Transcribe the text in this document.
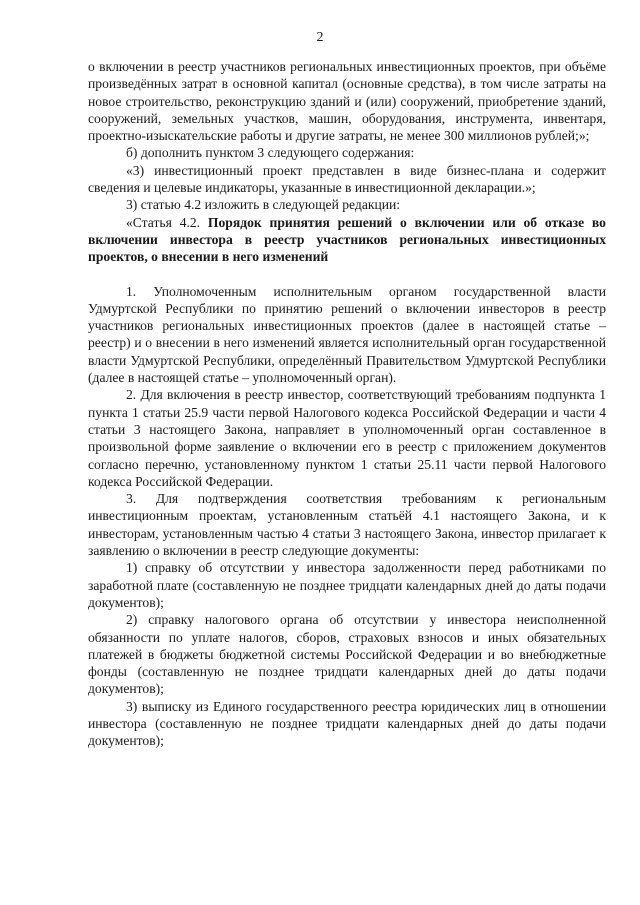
2

о включении в реестр участников региональных инвестиционных проектов, при объёме произведённых затрат в основной капитал (основные средства), в том числе затраты на новое строительство, реконструкцию зданий и (или) сооружений, приобретение зданий, сооружений, земельных участков, машин, оборудования, инструмента, инвентаря, проектно-изыскательские работы и другие затраты, не менее 300 миллионов рублей;»;

б) дополнить пунктом 3 следующего содержания:

«3) инвестиционный проект представлен в виде бизнес-плана и содержит сведения и целевые индикаторы, указанные в инвестиционной декларации.»;

3) статью 4.2 изложить в следующей редакции:

«Статья 4.2. Порядок принятия решений о включении или об отказе во включении инвестора в реестр участников региональных инвестиционных проектов, о внесении в него изменений

1. Уполномоченным исполнительным органом государственной власти Удмуртской Республики по принятию решений о включении инвесторов в реестр участников региональных инвестиционных проектов (далее в настоящей статье – реестр) и о внесении в него изменений является исполнительный орган государственной власти Удмуртской Республики, определённый Правительством Удмуртской Республики (далее в настоящей статье – уполномоченный орган).

2. Для включения в реестр инвестор, соответствующий требованиям подпункта 1 пункта 1 статьи 25.9 части первой Налогового кодекса Российской Федерации и части 4 статьи 3 настоящего Закона, направляет в уполномоченный орган составленное в произвольной форме заявление о включении его в реестр с приложением документов согласно перечню, установленному пунктом 1 статьи 25.11 части первой Налогового кодекса Российской Федерации.

3. Для подтверждения соответствия требованиям к региональным инвестиционным проектам, установленным статьёй 4.1 настоящего Закона, и к инвесторам, установленным частью 4 статьи 3 настоящего Закона, инвестор прилагает к заявлению о включении в реестр следующие документы:

1) справку об отсутствии у инвестора задолженности перед работниками по заработной плате (составленную не позднее тридцати календарных дней до даты подачи документов);

2) справку налогового органа об отсутствии у инвестора неисполненной обязанности по уплате налогов, сборов, страховых взносов и иных обязательных платежей в бюджеты бюджетной системы Российской Федерации и во внебюджетные фонды (составленную не позднее тридцати календарных дней до даты подачи документов);

3) выписку из Единого государственного реестра юридических лиц в отношении инвестора (составленную не позднее тридцати календарных дней до даты подачи документов);
